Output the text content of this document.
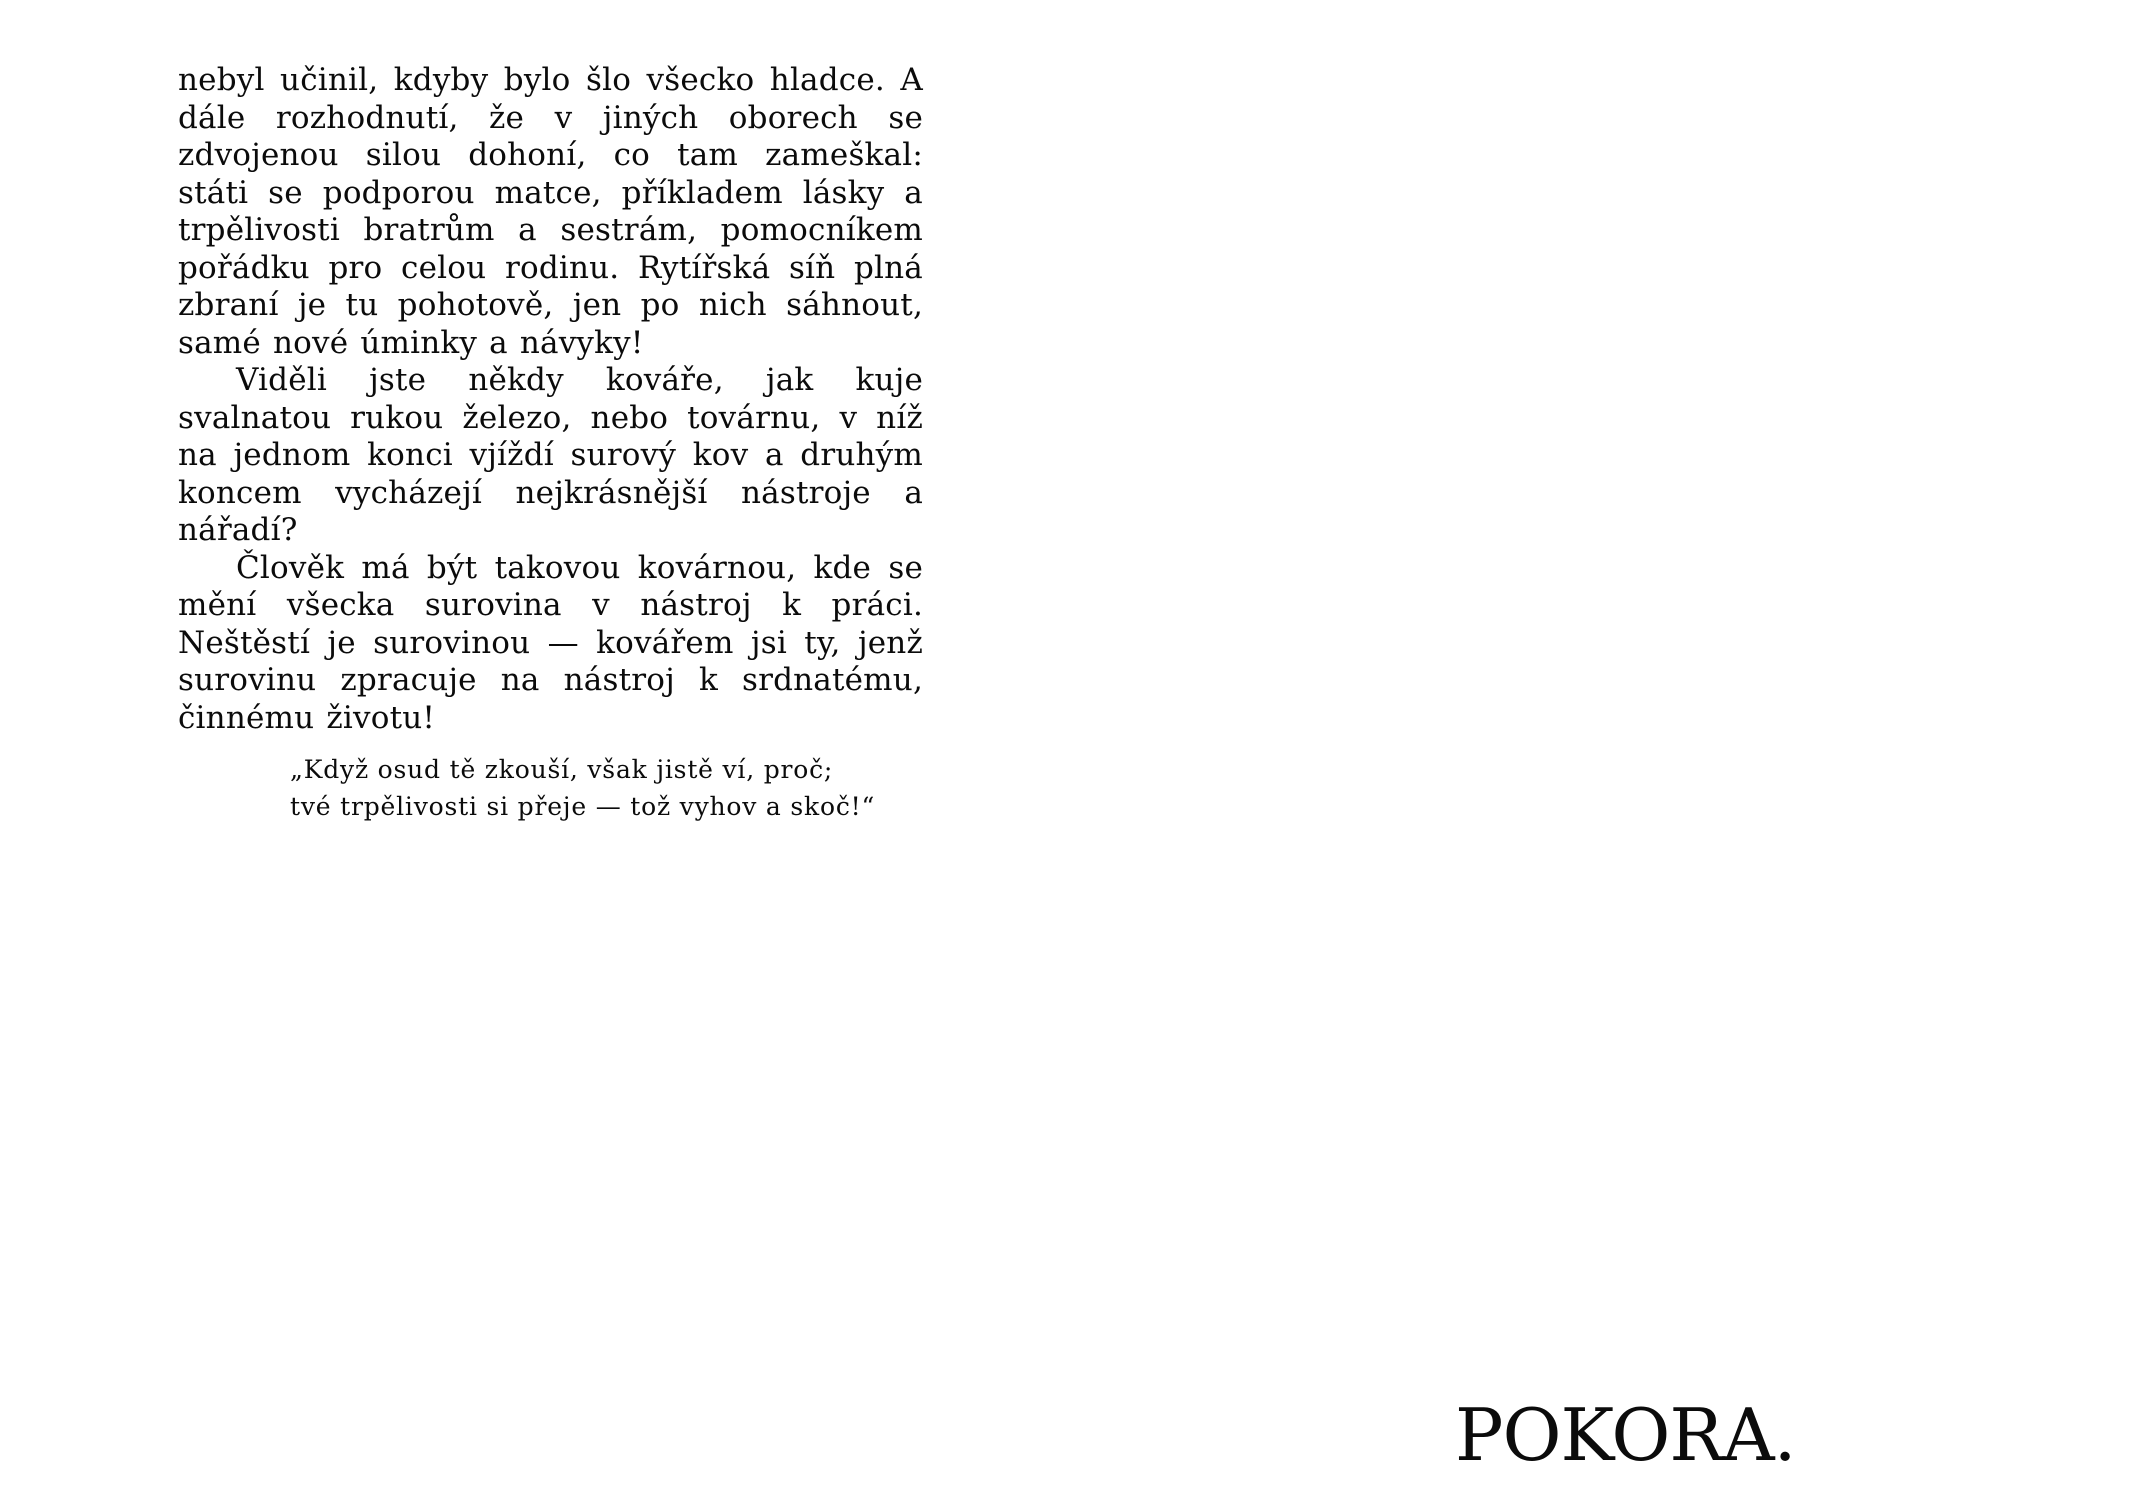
nebyl učinil, kdyby bylo šlo všecko hladce. A dále rozhodnutí, že v jiných oborech se zdvojenou silou dohoní, co tam zameškal: státi se podporou matce, příkladem lásky a trpělivosti bratrům a sestrám, pomocníkem pořádku pro celou rodinu. Rytířská síň plná zbraní je tu pohotově, jen po nich sáhnout, samé nové úminky a návyky!

Viděli jste někdy kováře, jak kuje svalnatou rukou železo, nebo továrnu, v níž na jednom konci vjíždí surový kov a druhým koncem vycházejí nejkrásnější nástroje a nářadí?

Člověk má být takovou kovárnou, kde se mění všecka surovina v nástroj k práci. Neštěstí je surovinou — kovářem jsi ty, jenž surovinu zpracuje na nástroj k srdnatému, činnému životu!

„Když osud tě zkouší, však jistě ví, proč;
tvé trpělivosti si přeje — tož vyhov a skoč!“
POKORA.
